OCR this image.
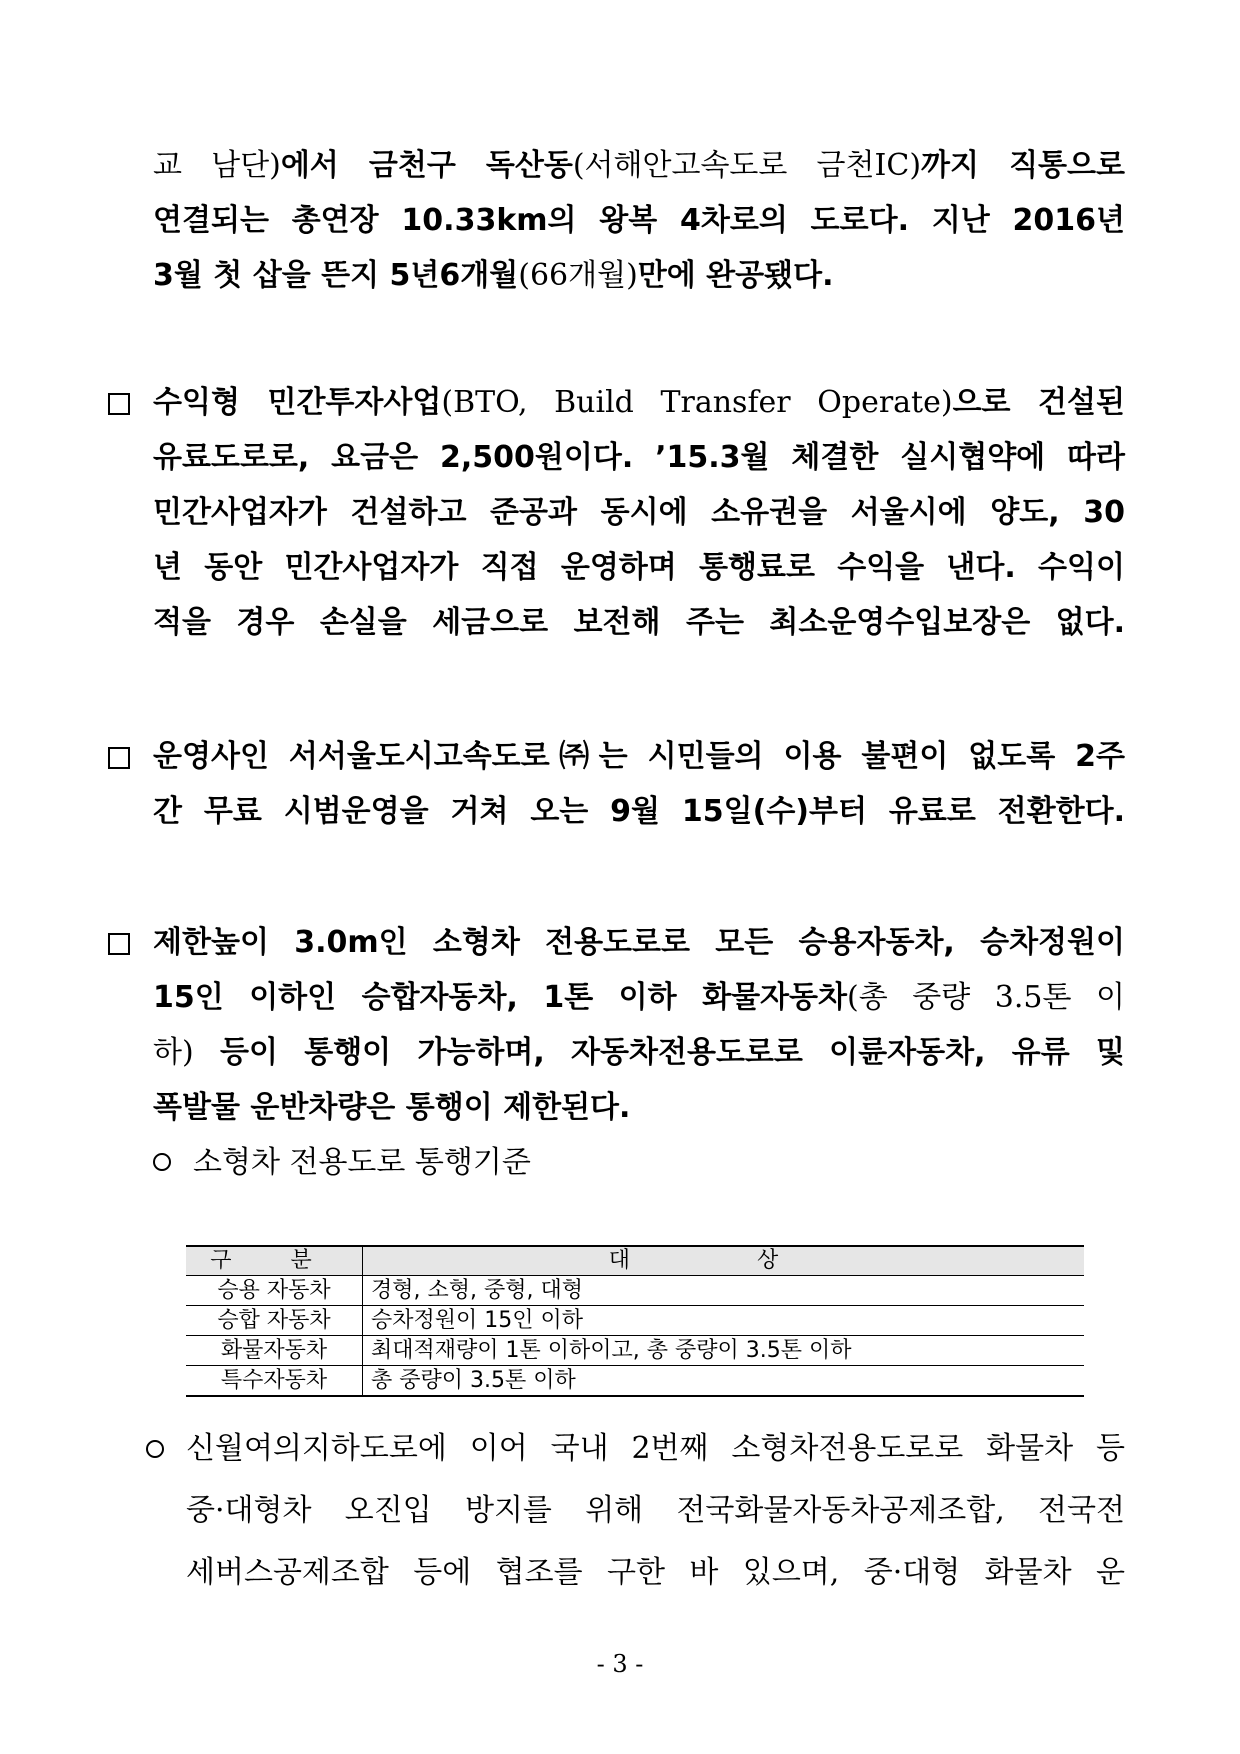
교 남단)에서 금천구 독산동(서해안고속도로 금천IC)까지 직통으로
연결되는 총연장 10.33km의 왕복 4차로의 도로다. 지난 2016년
3월 첫 삽을 뜬지 5년6개월(66개월)만에 완공됐다.
수익형 민간투자사업(BTO, Build Transfer Operate)으로 건설된
유료도로로, 요금은 2,500원이다. ’15.3월 체결한 실시협약에 따라
민간사업자가 건설하고 준공과 동시에 소유권을 서울시에 양도, 30
년 동안 민간사업자가 직접 운영하며 통행료로 수익을 낸다. 수익이
적을 경우 손실을 세금으로 보전해 주는 최소운영수입보장은 없다.
운영사인 서서울도시고속도로㈜는 시민들의 이용 불편이 없도록 2주
간 무료 시범운영을 거쳐 오는 9월 15일(수)부터 유료로 전환한다.
제한높이 3.0m인 소형차 전용도로로 모든 승용자동차, 승차정원이
15인 이하인 승합자동차, 1톤 이하 화물자동차(총 중량 3.5톤 이
하) 등이 통행이 가능하며, 자동차전용도로로 이륜자동차, 유류 및
폭발물 운반차량은 통행이 제한된다.
소형차 전용도로 통행기준
구 분	대 상
승용 자동차	경형, 소형, 중형, 대형
승합 자동차	승차정원이 15인 이하
화물자동차	최대적재량이 1톤 이하이고, 총 중량이 3.5톤 이하
특수자동차	총 중량이 3.5톤 이하
신월여의지하도로에 이어 국내 2번째 소형차전용도로로 화물차 등
중·대형차 오진입 방지를 위해 전국화물자동차공제조합, 전국전
세버스공제조합 등에 협조를 구한 바 있으며, 중·대형 화물차 운
- 3 -
